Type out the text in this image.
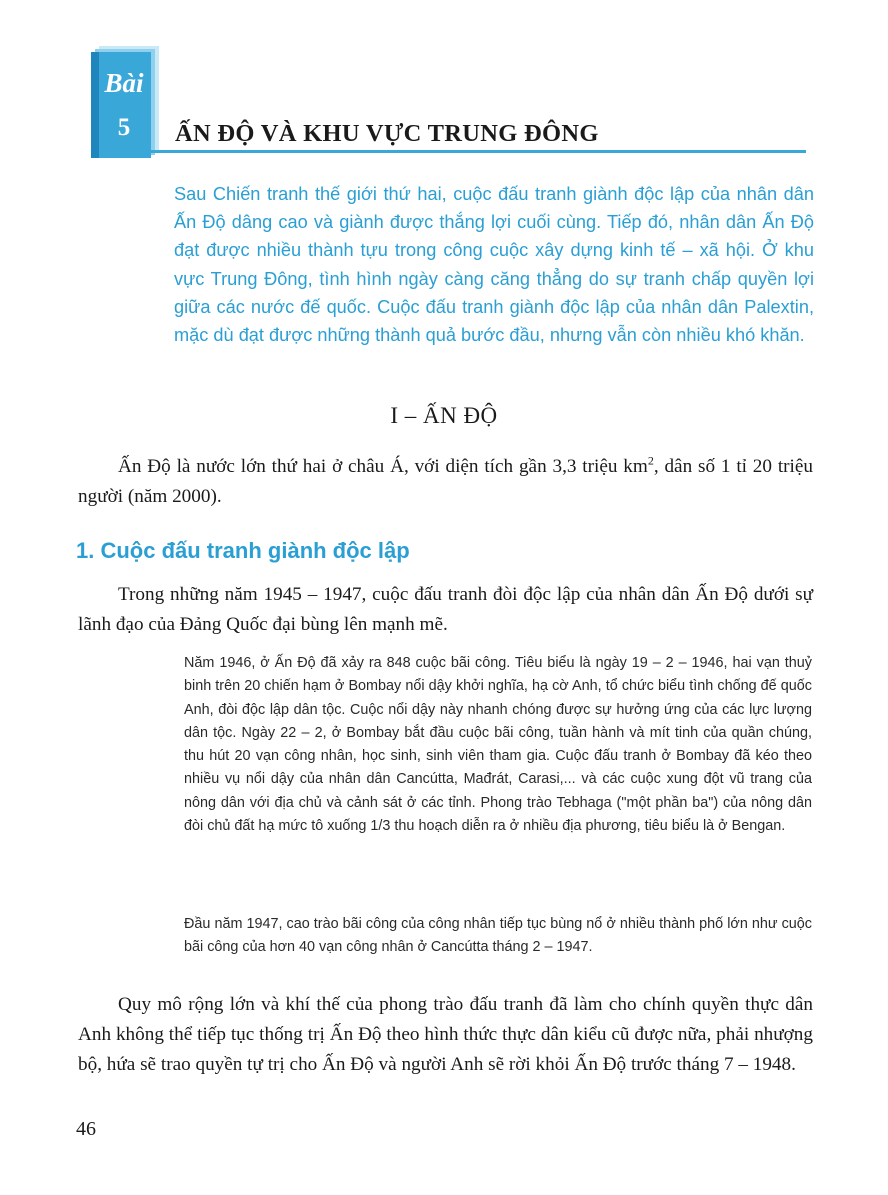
Bài
5	ẤN ĐỘ VÀ KHU VỰC TRUNG ĐÔNG

Sau Chiến tranh thế giới thứ hai, cuộc đấu tranh giành độc lập của nhân dân Ấn Độ dâng cao và giành được thắng lợi cuối cùng. Tiếp đó, nhân dân Ấn Độ đạt được nhiều thành tựu trong công cuộc xây dựng kinh tế – xã hội. Ở khu vực Trung Đông, tình hình ngày càng căng thẳng do sự tranh chấp quyền lợi giữa các nước đế quốc. Cuộc đấu tranh giành độc lập của nhân dân Palextin, mặc dù đạt được những thành quả bước đầu, nhưng vẫn còn nhiều khó khăn.

I – ẤN ĐỘ

Ấn Độ là nước lớn thứ hai ở châu Á, với diện tích gần 3,3 triệu $km^2$, dân số 1 tỉ 20 triệu người (năm 2000).

1. Cuộc đấu tranh giành độc lập

Trong những năm 1945 – 1947, cuộc đấu tranh đòi độc lập của nhân dân Ấn Độ dưới sự lãnh đạo của Đảng Quốc đại bùng lên mạnh mẽ.

Năm 1946, ở Ấn Độ đã xảy ra 848 cuộc bãi công. Tiêu biểu là ngày 19 – 2 – 1946, hai vạn thuỷ binh trên 20 chiến hạm ở Bombay nổi dậy khởi nghĩa, hạ cờ Anh, tổ chức biểu tình chống đế quốc Anh, đòi độc lập dân tộc. Cuộc nổi dậy này nhanh chóng được sự hưởng ứng của các lực lượng dân tộc. Ngày 22 – 2, ở Bombay bắt đầu cuộc bãi công, tuần hành và mít tinh của quần chúng, thu hút 20 vạn công nhân, học sinh, sinh viên tham gia. Cuộc đấu tranh ở Bombay đã kéo theo nhiều vụ nổi dậy của nhân dân Cancútta, Mađrát, Carasi,... và các cuộc xung đột vũ trang của nông dân với địa chủ và cảnh sát ở các tỉnh. Phong trào Tebhaga ("một phần ba") của nông dân đòi chủ đất hạ mức tô xuống 1/3 thu hoạch diễn ra ở nhiều địa phương, tiêu biểu là ở Bengan.

Đầu năm 1947, cao trào bãi công của công nhân tiếp tục bùng nổ ở nhiều thành phố lớn như cuộc bãi công của hơn 40 vạn công nhân ở Cancútta tháng 2 – 1947.

Quy mô rộng lớn và khí thế của phong trào đấu tranh đã làm cho chính quyền thực dân Anh không thể tiếp tục thống trị Ấn Độ theo hình thức thực dân kiểu cũ được nữa, phải nhượng bộ, hứa sẽ trao quyền tự trị cho Ấn Độ và người Anh sẽ rời khỏi Ấn Độ trước tháng 7 – 1948.

46
